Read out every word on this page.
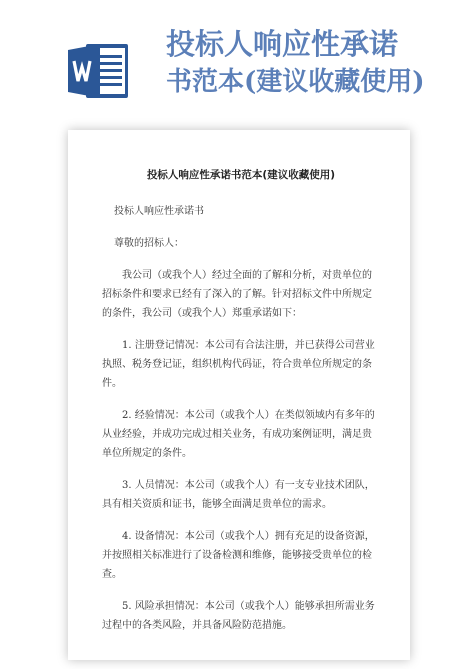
投标人响应性承诺
书范本(建议收藏使用)

投标人响应性承诺书范本(建议收藏使用)

投标人响应性承诺书

尊敬的招标人：

我公司（或我个人）经过全面的了解和分析，对贵单位的招标条件和要求已经有了深入的了解。针对招标文件中所规定的条件，我公司（或我个人）郑重承诺如下：

1. 注册登记情况：本公司有合法注册，并已获得公司营业执照、税务登记证，组织机构代码证，符合贵单位所规定的条件。

2. 经验情况：本公司（或我个人）在类似领域内有多年的从业经验，并成功完成过相关业务，有成功案例证明，满足贵单位所规定的条件。

3. 人员情况：本公司（或我个人）有一支专业技术团队，具有相关资质和证书，能够全面满足贵单位的需求。

4. 设备情况：本公司（或我个人）拥有充足的设备资源，并按照相关标准进行了设备检测和维修，能够接受贵单位的检查。

5. 风险承担情况：本公司（或我个人）能够承担所需业务过程中的各类风险，并具备风险防范措施。
